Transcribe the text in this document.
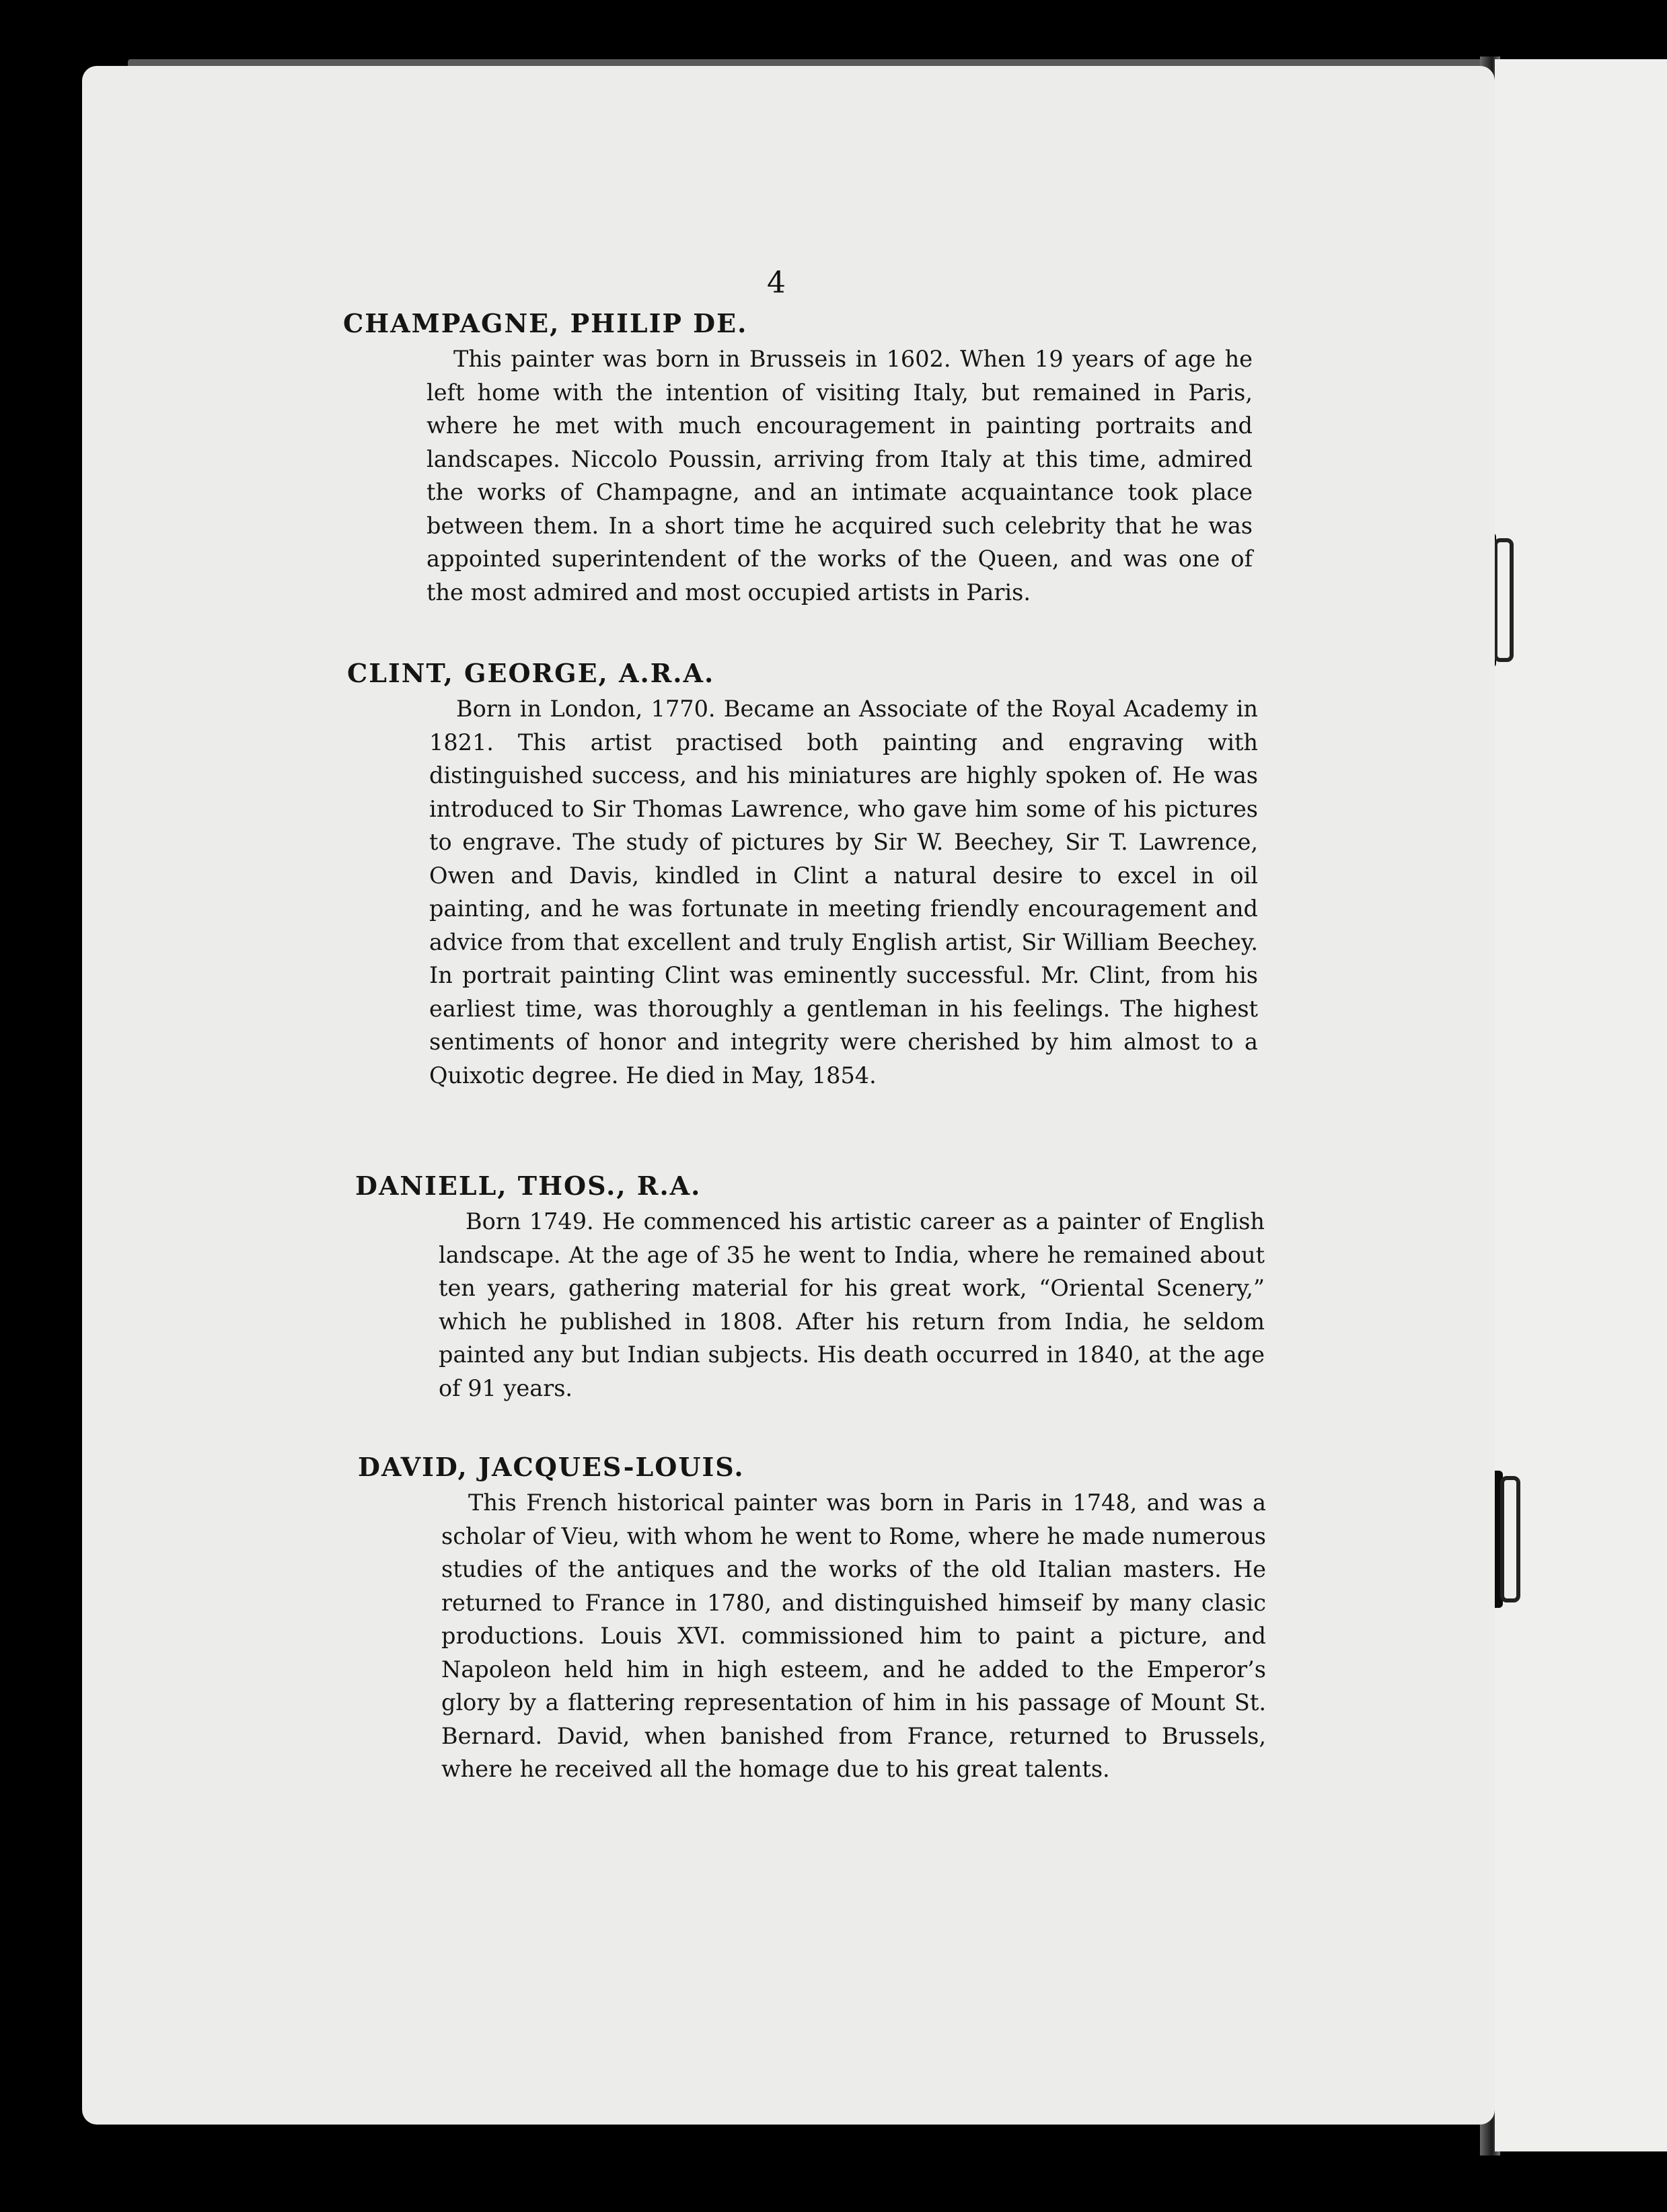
4
CHAMPAGNE, PHILIP DE.

This painter was born in Brusseis in 1602. When 19 years of age he left home with the intention of visiting Italy, but remained in Paris, where he met with much encouragement in painting portraits and landscapes. Niccolo Poussin, arriving from Italy at this time, admired the works of Champagne, and an intimate acquaintance took place between them. In a short time he acquired such celebrity that he was appointed superintendent of the works of the Queen, and was one of the most admired and most occupied artists in Paris.

CLINT, GEORGE, A.R.A.

Born in London, 1770. Became an Associate of the Royal Academy in 1821. This artist practised both painting and engraving with distinguished success, and his miniatures are highly spoken of. He was introduced to Sir Thomas Lawrence, who gave him some of his pictures to engrave. The study of pictures by Sir W. Beechey, Sir T. Lawrence, Owen and Davis, kindled in Clint a natural desire to excel in oil painting, and he was fortunate in meeting friendly encouragement and advice from that excellent and truly English artist, Sir William Beechey. In portrait painting Clint was eminently successful. Mr. Clint, from his earliest time, was thoroughly a gentleman in his feelings. The highest sentiments of honor and integrity were cherished by him almost to a Quixotic degree. He died in May, 1854.

DANIELL, THOS., R.A.

Born 1749. He commenced his artistic career as a painter of English landscape. At the age of 35 he went to India, where he remained about ten years, gathering material for his great work, “Oriental Scenery,” which he published in 1808. After his return from India, he seldom painted any but Indian subjects. His death occurred in 1840, at the age of 91 years.

DAVID, JACQUES-LOUIS.

This French historical painter was born in Paris in 1748, and was a scholar of Vieu, with whom he went to Rome, where he made numerous studies of the antiques and the works of the old Italian masters. He returned to France in 1780, and distinguished himseif by many clasic productions. Louis XVI. commissioned him to paint a picture, and Napoleon held him in high esteem, and he added to the Emperor’s glory by a flattering representation of him in his passage of Mount St. Bernard. David, when banished from France, returned to Brussels, where he received all the homage due to his great talents.
